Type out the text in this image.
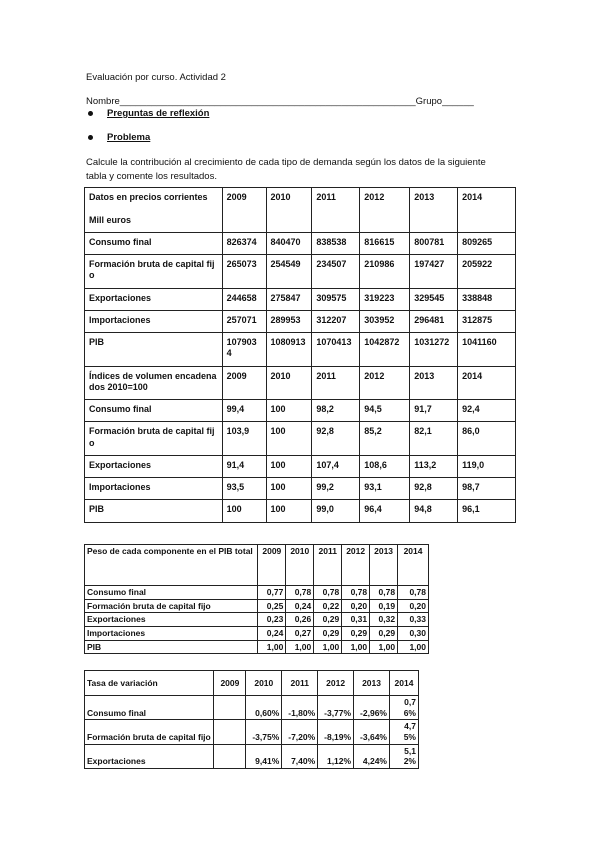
Evaluación por curso. Actividad 2
Nombre________________________________________________________Grupo______
Preguntas de reflexión
Problema
Calcule la contribución al crecimiento de cada tipo de demanda según los datos de la siguiente
tabla y comente los resultados.
Datos en precios corrientes

Mill euros	2009	2010	2011	2012	2013	2014
Consumo final	826374	840470	838538	816615	800781	809265
Formación bruta de capital fijo	265073	254549	234507	210986	197427	205922
Exportaciones	244658	275847	309575	319223	329545	338848
Importaciones	257071	289953	312207	303952	296481	312875
PIB	1079034	1080913	1070413	1042872	1031272	1041160
Índices de volumen encadenados 2010=100	2009	2010	2011	2012	2013	2014
Consumo final	99,4	100	98,2	94,5	91,7	92,4
Formación bruta de capital fijo	103,9	100	92,8	85,2	82,1	86,0
Exportaciones	91,4	100	107,4	108,6	113,2	119,0
Importaciones	93,5	100	99,2	93,1	92,8	98,7
PIB	100	100	99,0	96,4	94,8	96,1
Peso de cada componente en el PIB total	2009	2010	2011	2012	2013	2014
Consumo final	0,77	0,78	0,78	0,78	0,78	0,78
Formación bruta de capital fijo	0,25	0,24	0,22	0,20	0,19	0,20
Exportaciones	0,23	0,26	0,29	0,31	0,32	0,33
Importaciones	0,24	0,27	0,29	0,29	0,29	0,30
PIB	1,00	1,00	1,00	1,00	1,00	1,00
Tasa de variación	2009	2010	2011	2012	2013	2014
Consumo final		0,60%	-1,80%	-3,77%	-2,96%	0,76%
Formación bruta de capital fijo		-3,75%	-7,20%	-8,19%	-3,64%	4,75%
Exportaciones		9,41%	7,40%	1,12%	4,24%	5,12%
